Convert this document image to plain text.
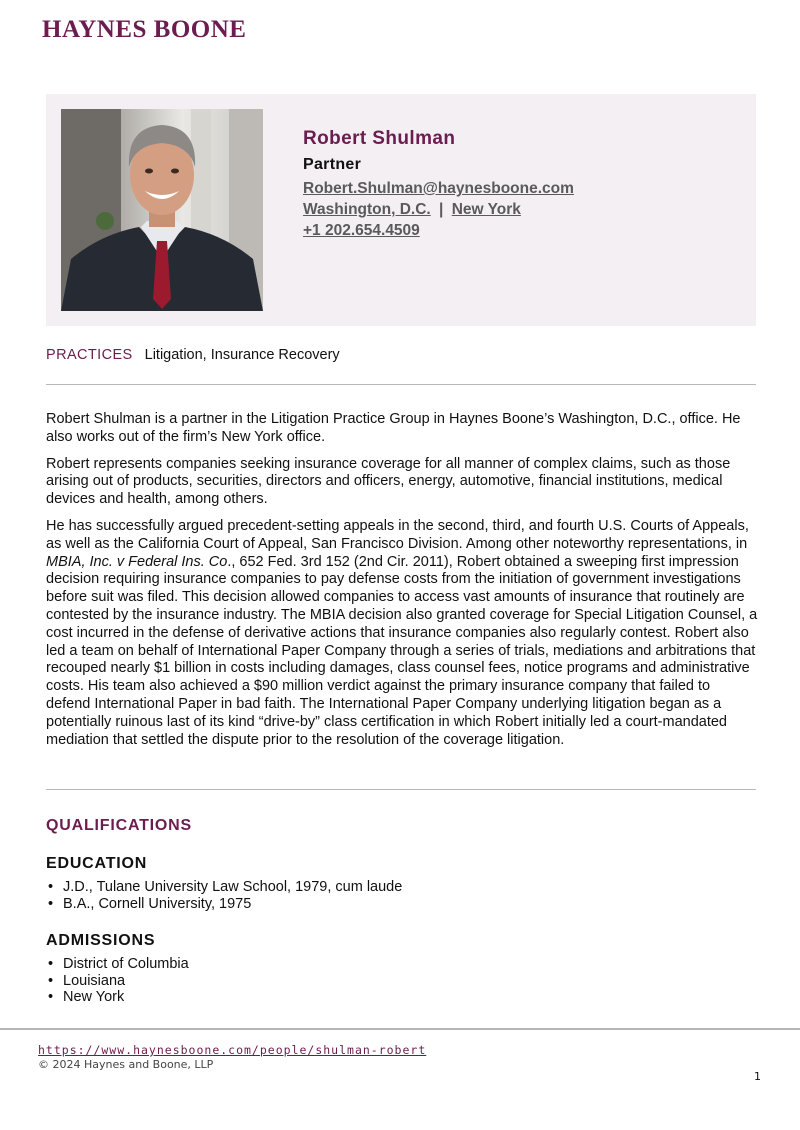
HAYNES BOONE
Robert Shulman
Partner
Robert.Shulman@haynesboone.com
Washington, D.C. | New York
+1 202.654.4509
PRACTICES Litigation, Insurance Recovery

Robert Shulman is a partner in the Litigation Practice Group in Haynes Boone’s Washington, D.C., office. He also works out of the firm’s New York office.

Robert represents companies seeking insurance coverage for all manner of complex claims, such as those arising out of products, securities, directors and officers, energy, automotive, financial institutions, medical devices and health, among others.

He has successfully argued precedent-setting appeals in the second, third, and fourth U.S. Courts of Appeals, as well as the California Court of Appeal, San Francisco Division. Among other noteworthy representations, in MBIA, Inc. v Federal Ins. Co., 652 Fed. 3rd 152 (2nd Cir. 2011), Robert obtained a sweeping first impression decision requiring insurance companies to pay defense costs from the initiation of government investigations before suit was filed. This decision allowed companies to access vast amounts of insurance that routinely are contested by the insurance industry. The MBIA decision also granted coverage for Special Litigation Counsel, a cost incurred in the defense of derivative actions that insurance companies also regularly contest. Robert also led a team on behalf of International Paper Company through a series of trials, mediations and arbitrations that recouped nearly $1 billion in costs including damages, class counsel fees, notice programs and administrative costs. His team also achieved a $90 million verdict against the primary insurance company that failed to defend International Paper in bad faith. The International Paper Company underlying litigation began as a potentially ruinous last of its kind “drive-by” class certification in which Robert initially led a court-mandated mediation that settled the dispute prior to the resolution of the coverage litigation.

QUALIFICATIONS
EDUCATION
• J.D., Tulane University Law School, 1979, cum laude
• B.A., Cornell University, 1975
ADMISSIONS
• District of Columbia
• Louisiana
• New York
https://www.haynesboone.com/people/shulman-robert
© 2024 Haynes and Boone, LLP
1
